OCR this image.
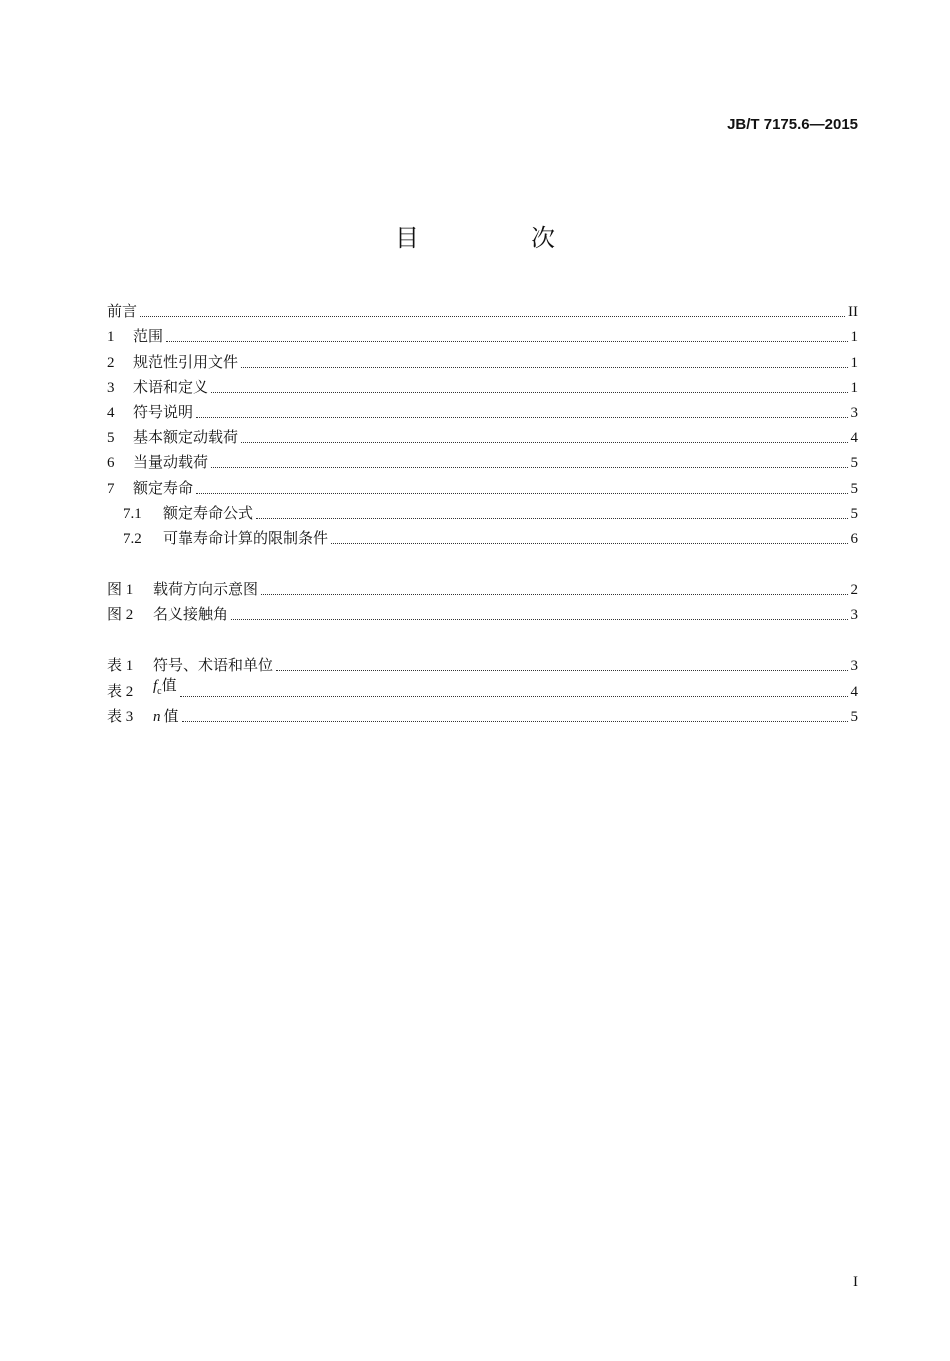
JB/T 7175.6—2015
目　次
前言	II
1	范围	1
2	规范性引用文件	1
3	术语和定义	1
4	符号说明	3
5	基本额定动载荷	4
6	当量动载荷	5
7	额定寿命	5
7.1	额定寿命公式	5
7.2	可靠寿命计算的限制条件	6
图 1	载荷方向示意图	2
图 2	名义接触角	3
表 1	符号、术语和单位	3
表 2	$f_c$值	4
表 3	n  值	5
I
